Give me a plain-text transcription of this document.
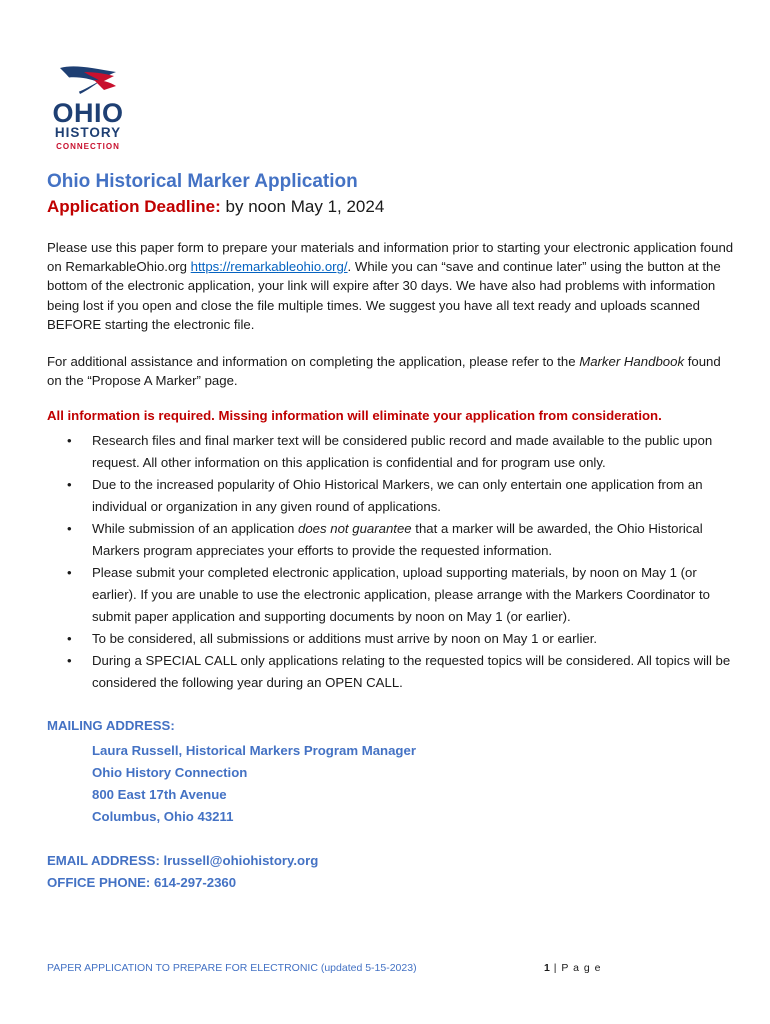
OHIO
HISTORY
CONNECTION
Ohio Historical Marker Application
Application Deadline: by noon May 1, 2024

Please use this paper form to prepare your materials and information prior to starting your electronic application found on RemarkableOhio.org https://remarkableohio.org/. While you can “save and continue later” using the button at the bottom of the electronic application, your link will expire after 30 days. We have also had problems with information being lost if you open and close the file multiple times. We suggest you have all text ready and uploads scanned BEFORE starting the electronic file.

For additional assistance and information on completing the application, please refer to the Marker Handbook found on the “Propose A Marker” page.

All information is required. Missing information will eliminate your application from consideration.
• Research files and final marker text will be considered public record and made available to the public upon request. All other information on this application is confidential and for program use only.
• Due to the increased popularity of Ohio Historical Markers, we can only entertain one application from an individual or organization in any given round of applications.
• While submission of an application does not guarantee that a marker will be awarded, the Ohio Historical Markers program appreciates your efforts to provide the requested information.
• Please submit your completed electronic application, upload supporting materials, by noon on May 1 (or earlier). If you are unable to use the electronic application, please arrange with the Markers Coordinator to submit paper application and supporting documents by noon on May 1 (or earlier).
• To be considered, all submissions or additions must arrive by noon on May 1 or earlier.
• During a SPECIAL CALL only applications relating to the requested topics will be considered. All topics will be considered the following year during an OPEN CALL.
MAILING ADDRESS:
Laura Russell, Historical Markers Program Manager
Ohio History Connection
800 East 17th Avenue
Columbus, Ohio 43211
EMAIL ADDRESS: lrussell@ohiohistory.org
OFFICE PHONE: 614-297-2360
PAPER APPLICATION TO PREPARE FOR ELECTRONIC (updated 5-15-2023)	1 | P a g e
